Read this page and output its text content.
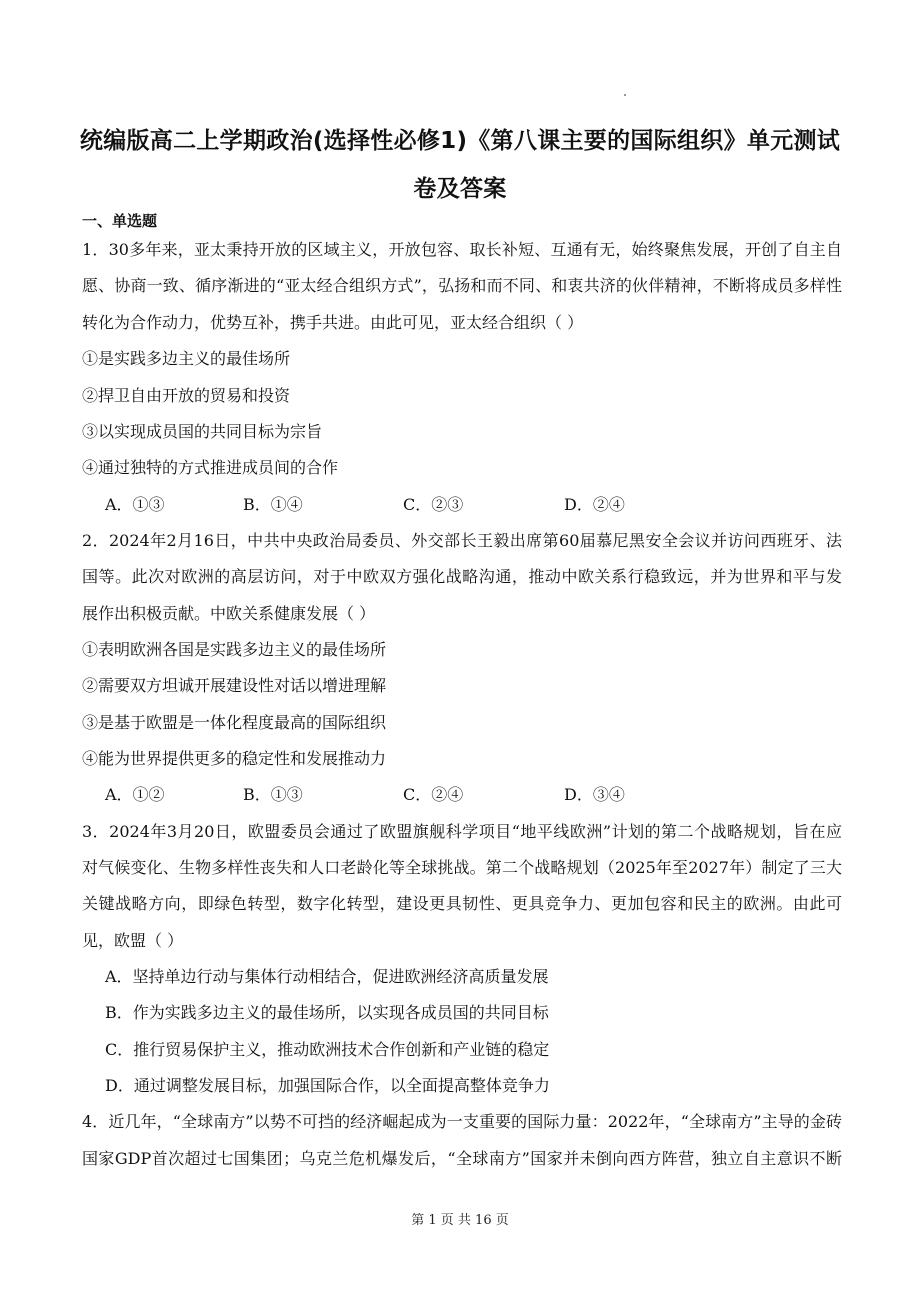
统编版高二上学期政治(选择性必修1)《第八课主要的国际组织》单元测试
卷及答案
一、单选题
1．30多年来，亚太秉持开放的区域主义，开放包容、取长补短、互通有无，始终聚焦发展，开创了自主自
愿、协商一致、循序渐进的“亚太经合组织方式”，弘扬和而不同、和衷共济的伙伴精神，不断将成员多样性
转化为合作动力，优势互补，携手共进。由此可见，亚太经合组织（ ）
①是实践多边主义的最佳场所
②捍卫自由开放的贸易和投资
③以实现成员国的共同目标为宗旨
④通过独特的方式推进成员间的合作
A．①③	B．①④	C．②③	D．②④
2．2024年2月16日，中共中央政治局委员、外交部长王毅出席第60届慕尼黑安全会议并访问西班牙、法
国等。此次对欧洲的高层访问，对于中欧双方强化战略沟通，推动中欧关系行稳致远，并为世界和平与发
展作出积极贡献。中欧关系健康发展（ ）
①表明欧洲各国是实践多边主义的最佳场所
②需要双方坦诚开展建设性对话以增进理解
③是基于欧盟是一体化程度最高的国际组织
④能为世界提供更多的稳定性和发展推动力
A．①②	B．①③	C．②④	D．③④
3．2024年3月20日，欧盟委员会通过了欧盟旗舰科学项目“地平线欧洲”计划的第二个战略规划，旨在应
对气候变化、生物多样性丧失和人口老龄化等全球挑战。第二个战略规划（2025年至2027年）制定了三大
关键战略方向，即绿色转型，数字化转型，建设更具韧性、更具竞争力、更加包容和民主的欧洲。由此可
见，欧盟（ ）
A．坚持单边行动与集体行动相结合，促进欧洲经济高质量发展
B．作为实践多边主义的最佳场所，以实现各成员国的共同目标
C．推行贸易保护主义，推动欧洲技术合作创新和产业链的稳定
D．通过调整发展目标，加强国际合作，以全面提高整体竞争力
4．近几年，“全球南方”以势不可挡的经济崛起成为一支重要的国际力量：2022年，“全球南方”主导的金砖
国家GDP首次超过七国集团；乌克兰危机爆发后，“全球南方”国家并未倒向西方阵营，独立自主意识不断
第 1 页 共 16 页
